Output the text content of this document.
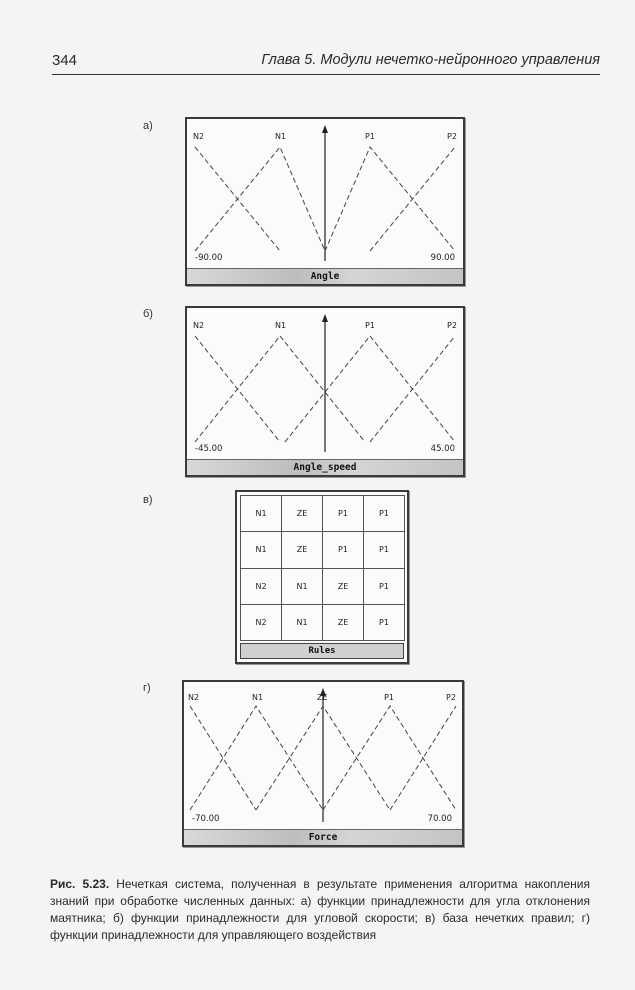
344	Глава 5. Модули нечетко-нейронного управления
а)
N2	N1	P1	P2
-90.00	90.00
Angle
б)
N2	N1	P1	P2
-45.00	45.00
Angle_speed
в)
N1	ZE	P1	P1
N1	ZE	P1	P1
N2	N1	ZE	P1
N2	N1	ZE	P1
Rules
г)
N2	N1	ZE	P1	P2
-70.00	70.00
Force
Рис. 5.23. Нечеткая система, полученная в результате применения алгоритма накопления знаний при обработке численных данных: а) функции принадлежности для угла отклонения маятника; б) функции принадлежности для угловой скорости; в) база нечетких правил; г) функции принадлежности для управляющего воздействия
